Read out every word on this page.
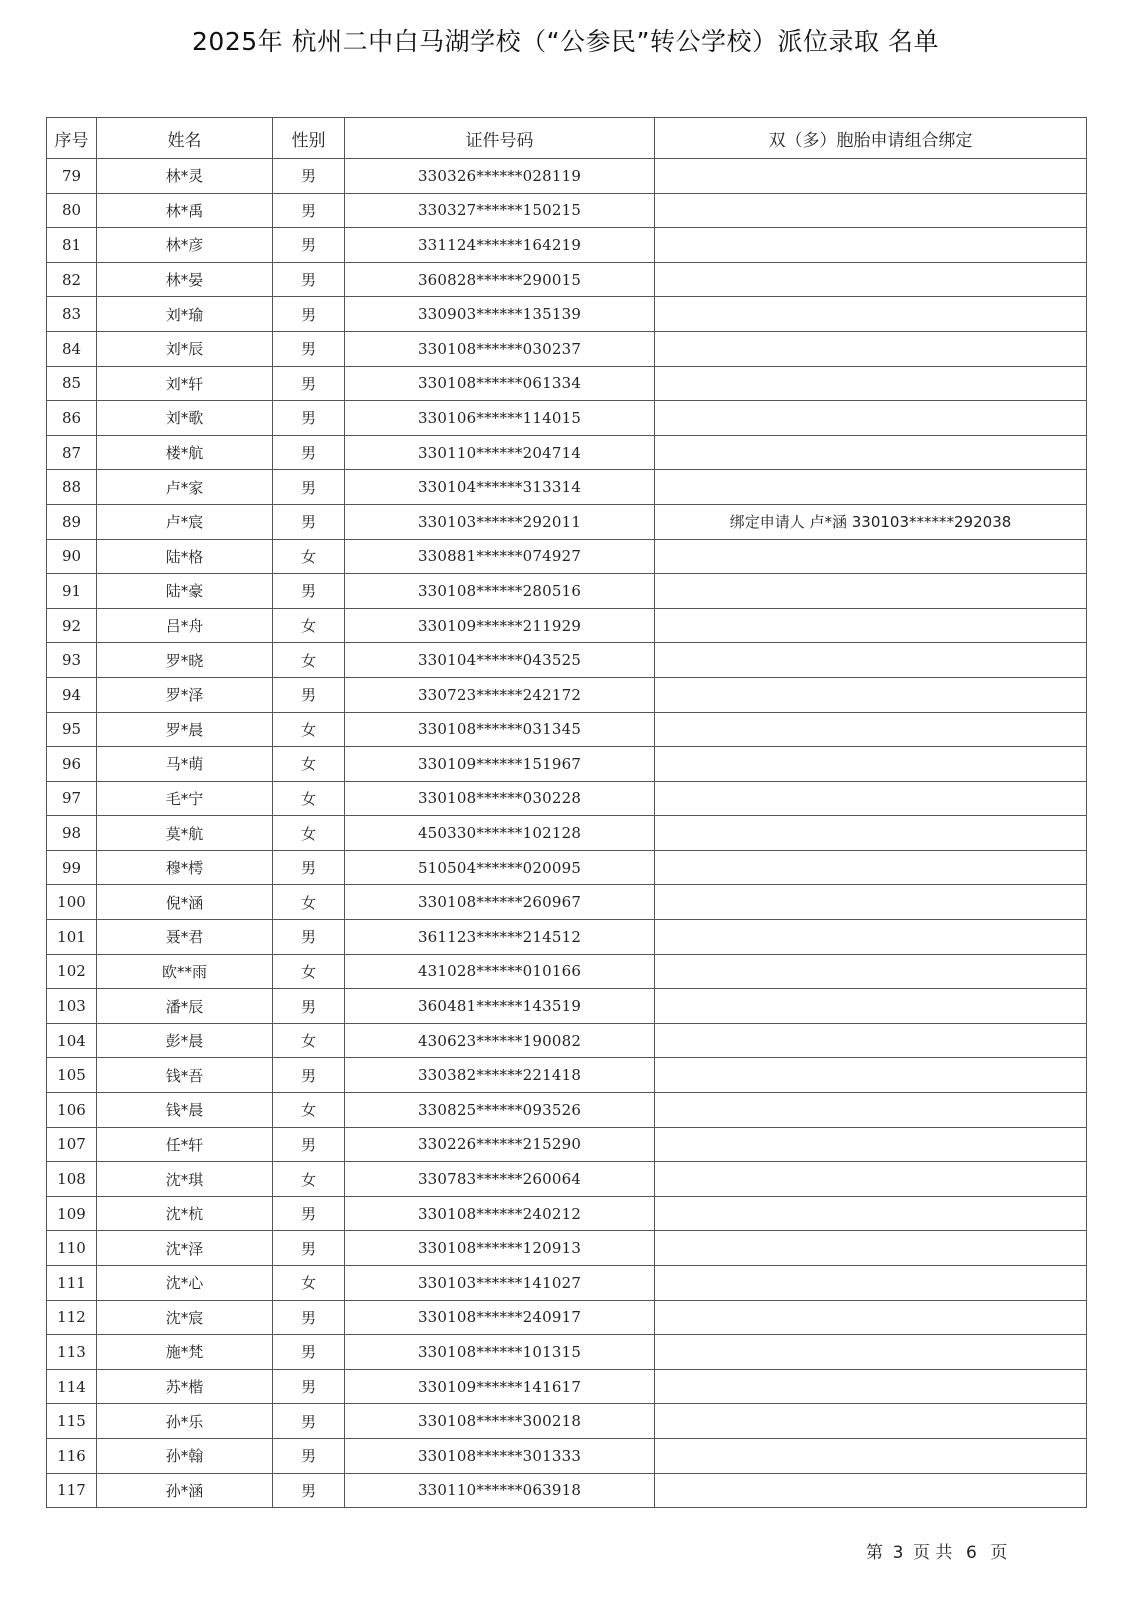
2025年 杭州二中白马湖学校（“公参民”转公学校）派位录取 名单
序号	姓名	性别	证件号码	双（多）胞胎申请组合绑定
79	林*灵	男	330326******028119	
80	林*禹	男	330327******150215	
81	林*彦	男	331124******164219	
82	林*晏	男	360828******290015	
83	刘*瑜	男	330903******135139	
84	刘*辰	男	330108******030237	
85	刘*轩	男	330108******061334	
86	刘*歌	男	330106******114015	
87	楼*航	男	330110******204714	
88	卢*家	男	330104******313314	
89	卢*宸	男	330103******292011	绑定申请人 卢*涵 330103******292038
90	陆*格	女	330881******074927	
91	陆*豪	男	330108******280516	
92	吕*舟	女	330109******211929	
93	罗*晓	女	330104******043525	
94	罗*泽	男	330723******242172	
95	罗*晨	女	330108******031345	
96	马*萌	女	330109******151967	
97	毛*宁	女	330108******030228	
98	莫*航	女	450330******102128	
99	穆*樗	男	510504******020095	
100	倪*涵	女	330108******260967	
101	聂*君	男	361123******214512	
102	欧**雨	女	431028******010166	
103	潘*辰	男	360481******143519	
104	彭*晨	女	430623******190082	
105	钱*吾	男	330382******221418	
106	钱*晨	女	330825******093526	
107	任*轩	男	330226******215290	
108	沈*琪	女	330783******260064	
109	沈*杭	男	330108******240212	
110	沈*泽	男	330108******120913	
111	沈*心	女	330103******141027	
112	沈*宸	男	330108******240917	
113	施*梵	男	330108******101315	
114	苏*楷	男	330109******141617	
115	孙*乐	男	330108******300218	
116	孙*翰	男	330108******301333	
117	孙*涵	男	330110******063918	
第 3 页 共 6 页
